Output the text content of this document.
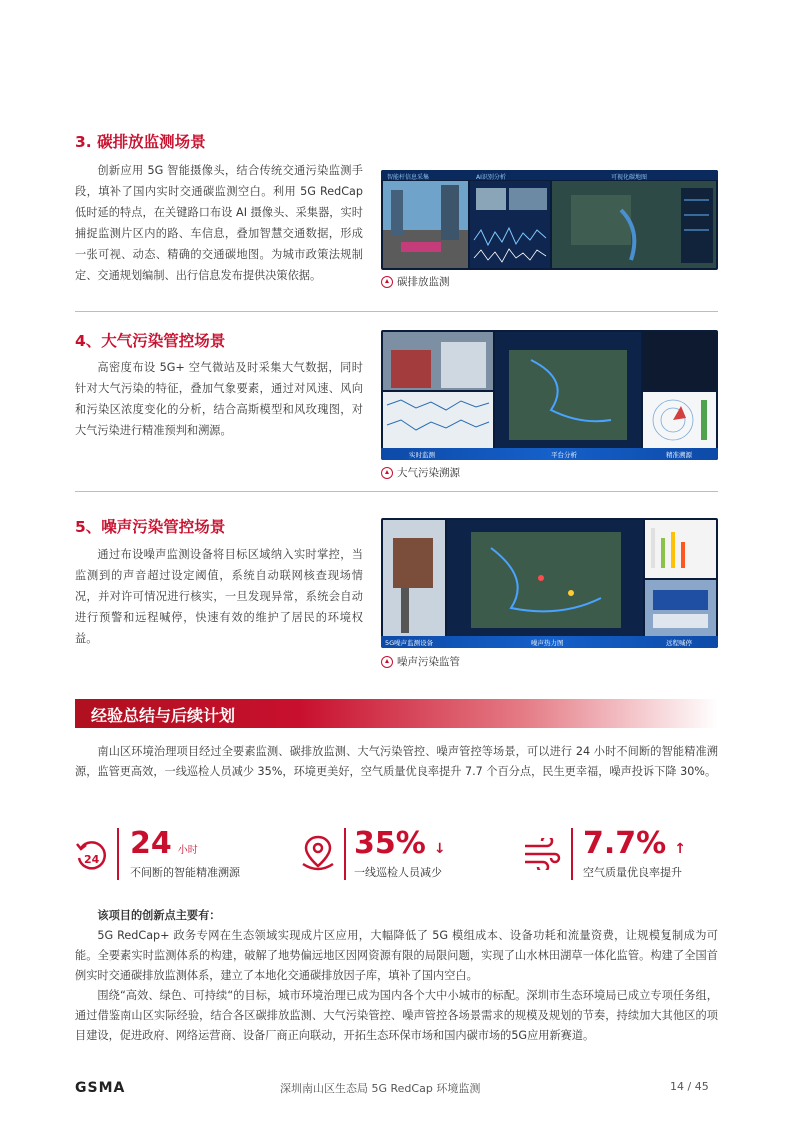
3. 碳排放监测场景

创新应用 5G 智能摄像头，结合传统交通污染监测手段，填补了国内实时交通碳监测空白。利用 5G RedCap 低时延的特点，在关键路口布设 AI 摄像头、采集器，实时捕捉监测片区内的路、车信息，叠加智慧交通数据，形成一张可视、动态、精确的交通碳地图。为城市政策法规制定、交通规划编制、出行信息发布提供决策依据。

智能杆信息采集	AI识别分析	可视化碳地图
碳排放监测
4、大气污染管控场景

高密度布设 5G+ 空气微站及时采集大气数据，同时针对大气污染的特征，叠加气象要素，通过对风速、风向和污染区浓度变化的分析，结合高斯模型和风玫瑰图，对大气污染进行精准预判和溯源。

实时监测	平台分析	精准溯源
大气污染溯源
5、噪声污染管控场景

通过布设噪声监测设备将目标区域纳入实时掌控，当监测到的声音超过设定阈值，系统自动联网核查现场情况，并对许可情况进行核实，一旦发现异常，系统会自动进行预警和远程喊停，快速有效的维护了居民的环境权益。	5G噪声监测设备	噪声热力图	远程喊停
噪声污染监管
经验总结与后续计划

南山区环境治理项目经过全要素监测、碳排放监测、大气污染管控、噪声管控等场景，可以进行 24 小时不间断的智能精准溯源，监管更高效，一线巡检人员减少 35%，环境更美好，空气质量优良率提升 7.7 个百分点，民生更幸福，噪声投诉下降 30%。

24 24 小时
不间断的智能精准溯源
35% ↓
一线巡检人员减少
7.7% ↑
空气质量优良率提升
该项目的创新点主要有：

5G RedCap+ 政务专网在生态领域实现成片区应用，大幅降低了 5G 模组成本、设备功耗和流量资费，让规模复制成为可能。全要素实时监测体系的构建，破解了地势偏远地区因网资源有限的局限问题，实现了山水林田湖草一体化监管。构建了全国首例实时交通碳排放监测体系，建立了本地化交通碳排放因子库，填补了国内空白。

围绕“高效、绿色、可持续“的目标，城市环境治理已成为国内各个大中小城市的标配。深圳市生态环境局已成立专项任务组，通过借鉴南山区实际经验，结合各区碳排放监测、大气污染管控、噪声管控各场景需求的规模及规划的节奏，持续加大其他区的项目建设，促进政府、网络运营商、设备厂商正向联动，开拓生态环保市场和国内碳市场的5G应用新赛道。

GSMA	深圳南山区生态局 5G RedCap 环境监测	14 / 45
